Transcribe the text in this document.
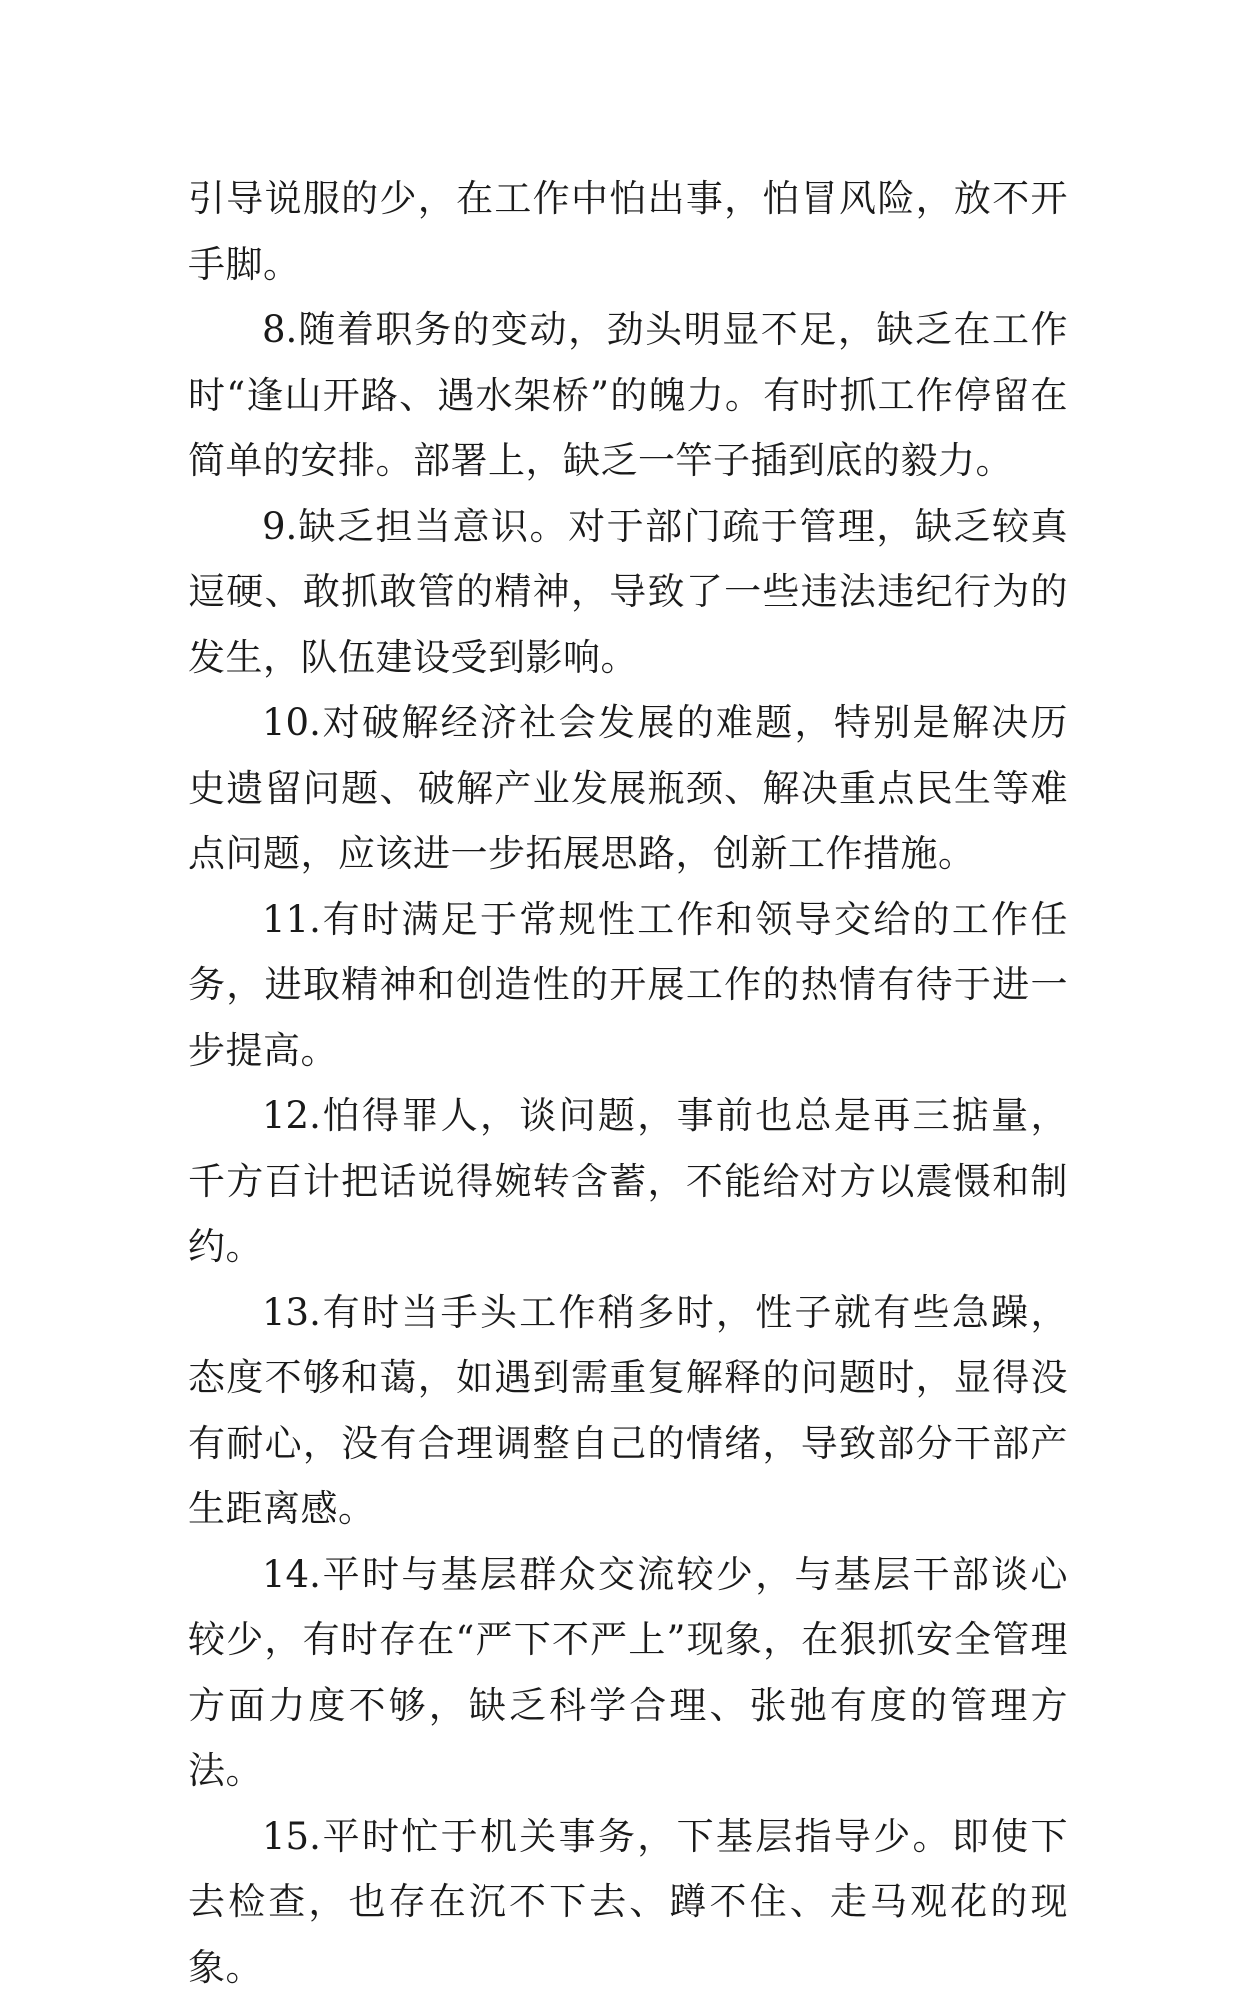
引导说服的少，在工作中怕出事，怕冒风险，放不开手脚。

8.随着职务的变动，劲头明显不足，缺乏在工作时“逢山开路、遇水架桥”的魄力。有时抓工作停留在简单的安排。部署上，缺乏一竿子插到底的毅力。

9.缺乏担当意识。对于部门疏于管理，缺乏较真逗硬、敢抓敢管的精神，导致了一些违法违纪行为的发生，队伍建设受到影响。

10.对破解经济社会发展的难题，特别是解决历史遗留问题、破解产业发展瓶颈、解决重点民生等难点问题，应该进一步拓展思路，创新工作措施。

11.有时满足于常规性工作和领导交给的工作任务，进取精神和创造性的开展工作的热情有待于进一步提高。

12.怕得罪人，谈问题，事前也总是再三掂量，千方百计把话说得婉转含蓄，不能给对方以震慑和制约。

13.有时当手头工作稍多时，性子就有些急躁，态度不够和蔼，如遇到需重复解释的问题时，显得没有耐心，没有合理调整自己的情绪，导致部分干部产生距离感。

14.平时与基层群众交流较少，与基层干部谈心较少，有时存在“严下不严上”现象，在狠抓安全管理方面力度不够，缺乏科学合理、张弛有度的管理方法。

15.平时忙于机关事务，下基层指导少。即使下去检查，也存在沉不下去、蹲不住、走马观花的现象。
